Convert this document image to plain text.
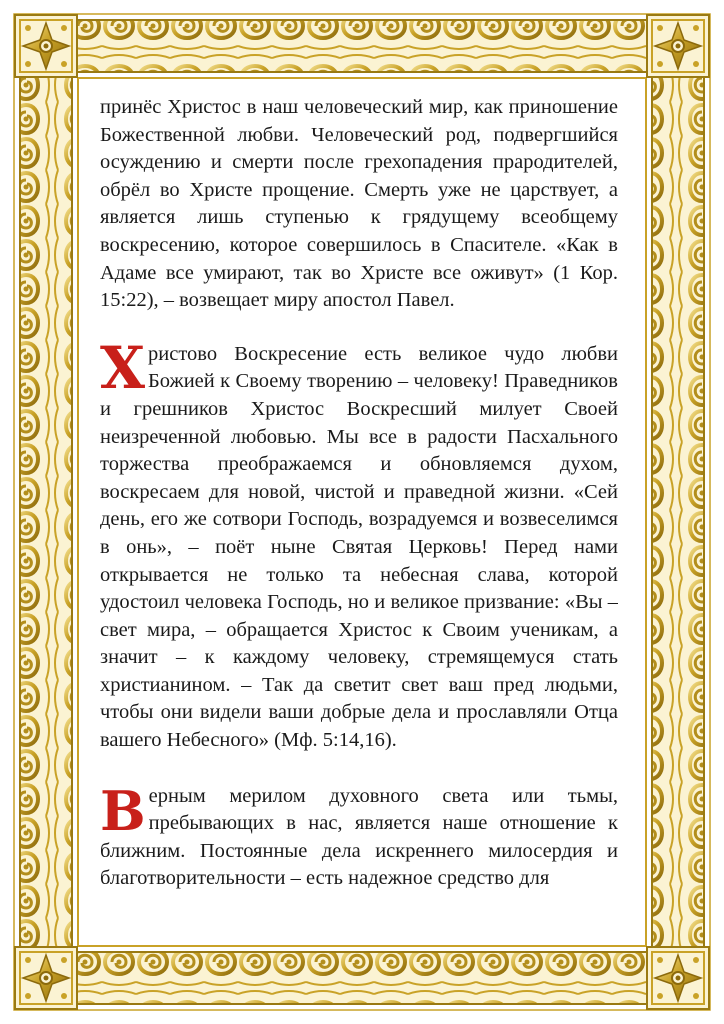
принёс Христос в наш человеческий мир, как приношение Божественной любви. Человеческий род, подвергшийся осуждению и смерти после грехопадения прародителей, обрёл во Христе прощение. Смерть уже не царствует, а является лишь ступенью к грядущему всеобщему воскресению, которое совершилось в Спасителе. «Как в Адаме все умирают, так во Христе все оживут» (1 Кор. 15:22), – возвещает миру апостол Павел.

Христово Воскресение есть великое чудо любви Божией к Своему творению – человеку! Праведников и грешников Христос Воскресший милует Своей неизреченной любовью. Мы все в радости Пасхального торжества преображаемся и обновляемся духом, воскресаем для новой, чистой и праведной жизни. «Сей день, его же сотвори Господь, возрадуемся и возвеселимся в онь», – поёт ныне Святая Церковь! Перед нами открывается не только та небесная слава, которой удостоил человека Господь, но и великое призвание: «Вы – свет мира, – обращается Христос к Своим ученикам, а значит – к каждому человеку, стремящемуся стать христианином. – Так да светит свет ваш пред людьми, чтобы они видели ваши добрые дела и прославляли Отца вашего Небесного» (Мф. 5:14,16).

Верным мерилом духовного света или тьмы, пребывающих в нас, является наше отношение к ближним. Постоянные дела искреннего милосердия и благотворительности – есть надежное средство для
